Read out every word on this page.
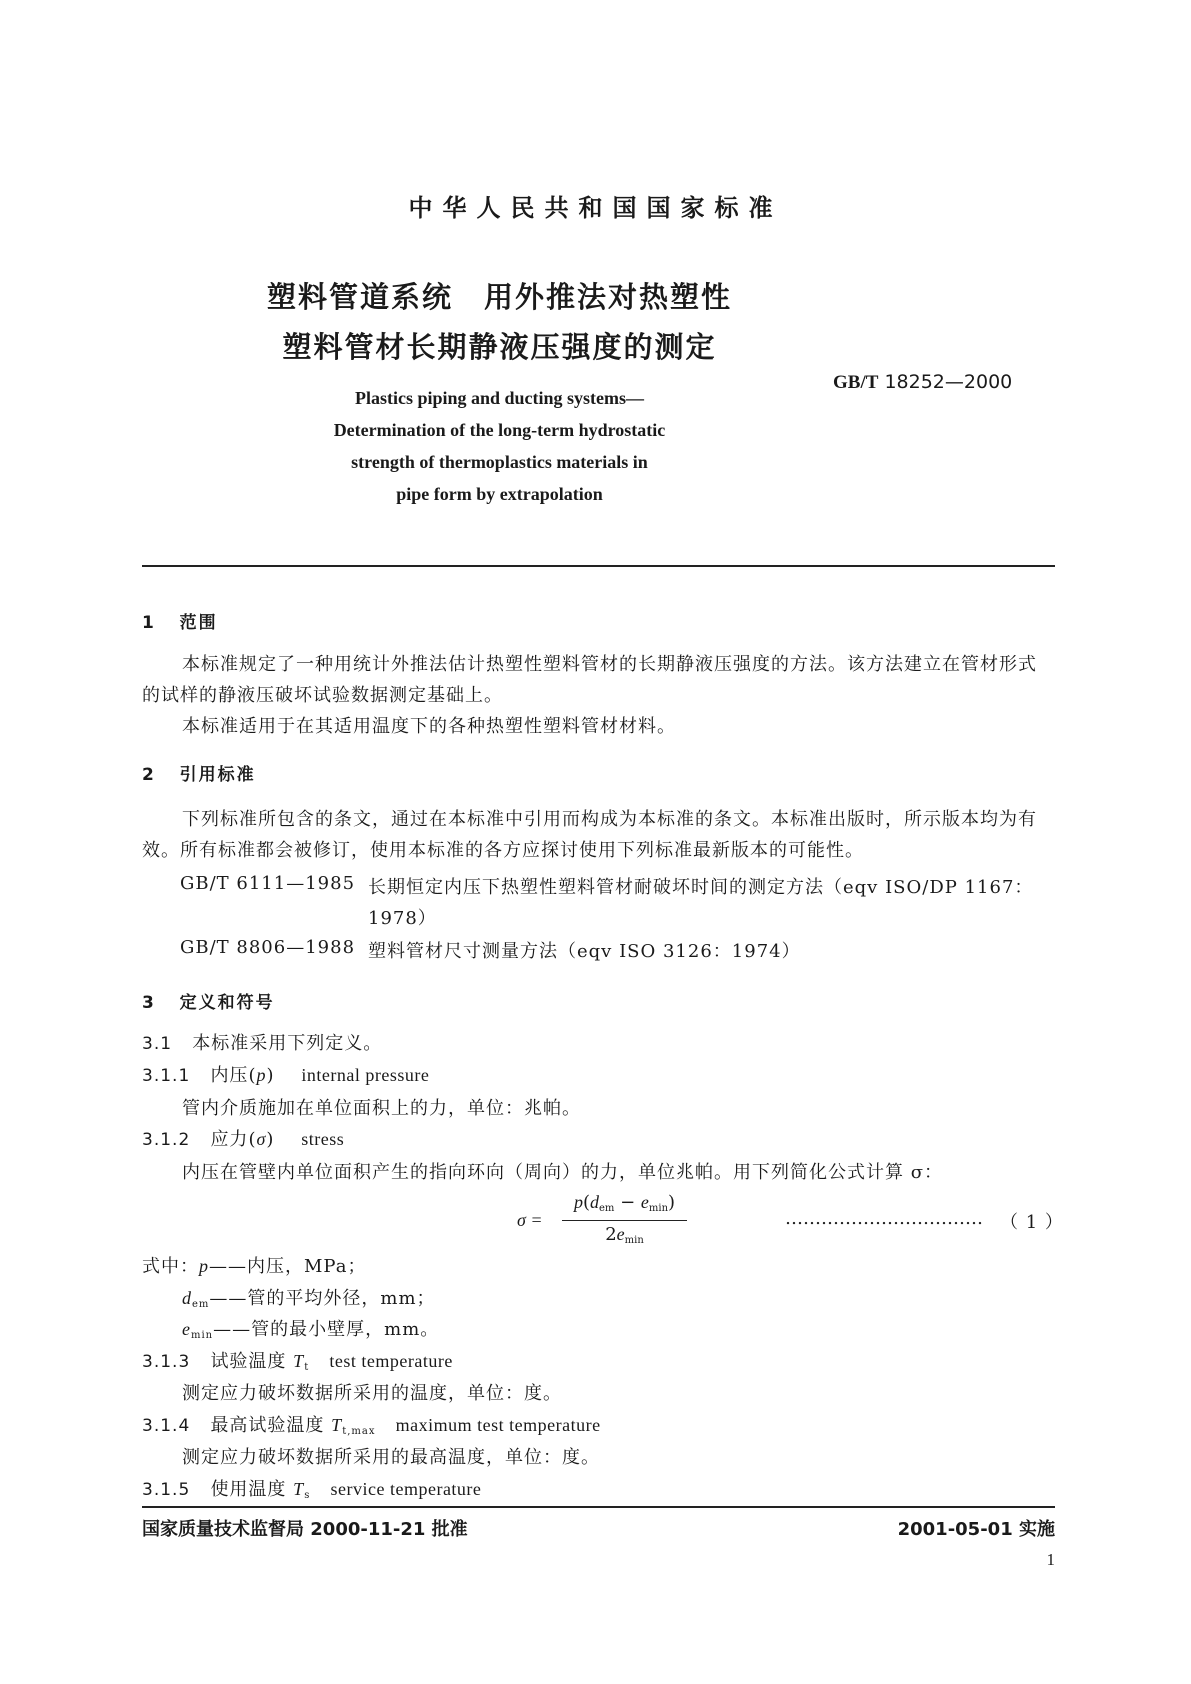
中华人民共和国国家标准
塑料管道系统　用外推法对热塑性
塑料管材长期静液压强度的测定
GB/T 18252—2000
Plastics piping and ducting systems—
Determination of the long-term hydrostatic
strength of thermoplastics materials in
pipe form by extrapolation
1 范围
本标准规定了一种用统计外推法估计热塑性塑料管材的长期静液压强度的方法。该方法建立在管材形式的试样的静液压破坏试验数据测定基础上。
本标准适用于在其适用温度下的各种热塑性塑料管材材料。
2 引用标准
下列标准所包含的条文，通过在本标准中引用而构成为本标准的条文。本标准出版时，所示版本均为有效。所有标准都会被修订，使用本标准的各方应探讨使用下列标准最新版本的可能性。
GB/T 6111—1985 长期恒定内压下热塑性塑料管材耐破坏时间的测定方法（eqv ISO/DP 1167：
1978）
GB/T 8806—1988 塑料管材尺寸测量方法（eqv ISO 3126：1974）
3 定义和符号
3.1 本标准采用下列定义。
3.1.1 内压(p)    internal pressure
管内介质施加在单位面积上的力，单位：兆帕。
3.1.2 应力(σ)    stress
内压在管壁内单位面积产生的指向环向（周向）的力，单位兆帕。用下列简化公式计算 σ：
σ =
$p(d_{em} - e_{min})$
$2e_{min}$
…………………………… （ 1 ）
式中：p——内压，MPa；
$d_{em}——$管的平均外径，mm；
$e_{min}——$管的最小壁厚，mm。
3.1.3 试验温度 $T_t$ test temperature
测定应力破坏数据所采用的温度，单位：度。
3.1.4 最高试验温度 $T_{t,max}$ maximum test temperature
测定应力破坏数据所采用的最高温度，单位：度。
3.1.5 使用温度 $T_s$ service temperature
国家质量技术监督局 2000-11-21 批准	2001-05-01 实施
1
